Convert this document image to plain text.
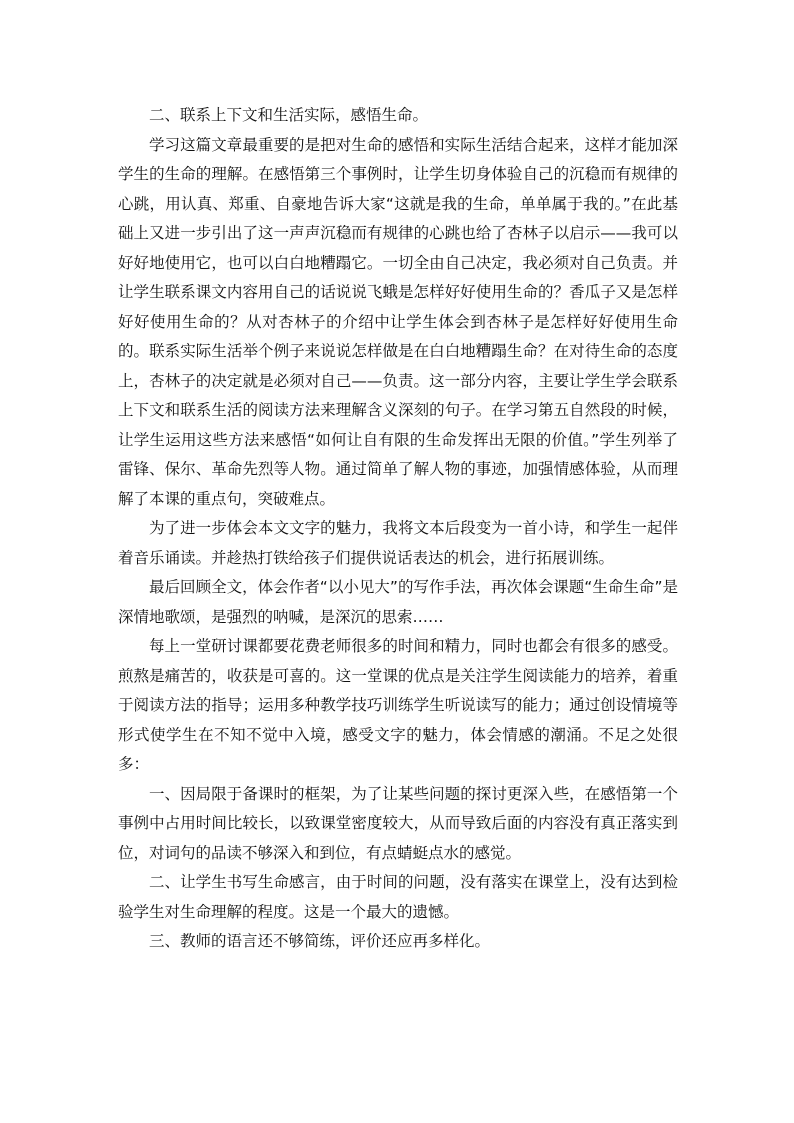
二、联系上下文和生活实际，感悟生命。

学习这篇文章最重要的是把对生命的感悟和实际生活结合起来，这样才能加深学生的生命的理解。在感悟第三个事例时，让学生切身体验自己的沉稳而有规律的心跳，用认真、郑重、自豪地告诉大家“这就是我的生命，单单属于我的。”在此基础上又进一步引出了这一声声沉稳而有规律的心跳也给了杏林子以启示——我可以好好地使用它，也可以白白地糟蹋它。一切全由自己决定，我必须对自己负责。并让学生联系课文内容用自己的话说说飞蛾是怎样好好使用生命的？香瓜子又是怎样好好使用生命的？从对杏林子的介绍中让学生体会到杏林子是怎样好好使用生命的。联系实际生活举个例子来说说怎样做是在白白地糟蹋生命？在对待生命的态度上，杏林子的决定就是必须对自己——负责。这一部分内容，主要让学生学会联系上下文和联系生活的阅读方法来理解含义深刻的句子。在学习第五自然段的时候，让学生运用这些方法来感悟“如何让自有限的生命发挥出无限的价值。”学生列举了雷锋、保尔、革命先烈等人物。通过简单了解人物的事迹，加强情感体验，从而理解了本课的重点句，突破难点。

为了进一步体会本文文字的魅力，我将文本后段变为一首小诗，和学生一起伴着音乐诵读。并趁热打铁给孩子们提供说话表达的机会，进行拓展训练。

最后回顾全文，体会作者“以小见大”的写作手法，再次体会课题“生命生命”是深情地歌颂，是强烈的呐喊，是深沉的思索……

每上一堂研讨课都要花费老师很多的时间和精力，同时也都会有很多的感受。煎熬是痛苦的，收获是可喜的。这一堂课的优点是关注学生阅读能力的培养，着重于阅读方法的指导；运用多种教学技巧训练学生听说读写的能力；通过创设情境等形式使学生在不知不觉中入境，感受文字的魅力，体会情感的潮涌。不足之处很多：

一、因局限于备课时的框架，为了让某些问题的探讨更深入些，在感悟第一个事例中占用时间比较长，以致课堂密度较大，从而导致后面的内容没有真正落实到位，对词句的品读不够深入和到位，有点蜻蜓点水的感觉。

二、让学生书写生命感言，由于时间的问题，没有落实在课堂上，没有达到检验学生对生命理解的程度。这是一个最大的遗憾。

三、教师的语言还不够简练，评价还应再多样化。
